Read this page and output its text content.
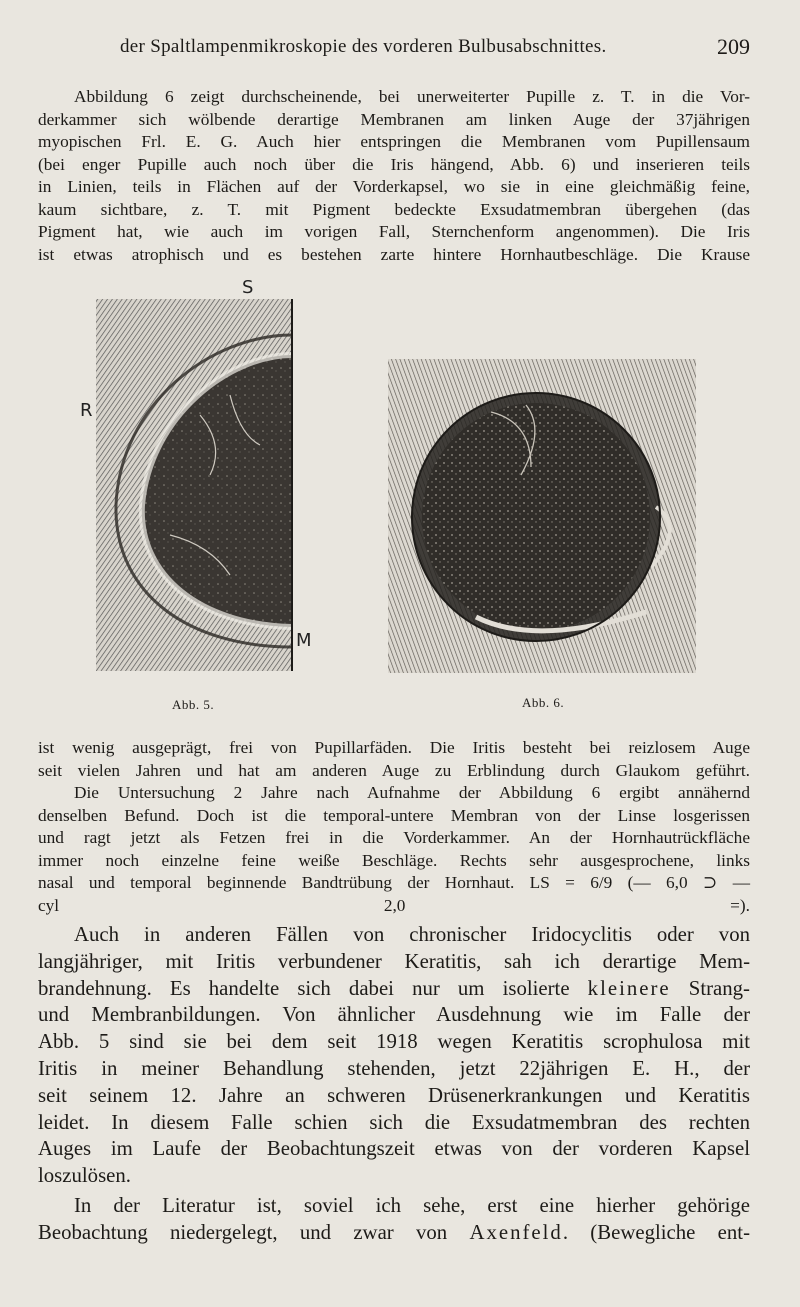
der Spaltlampenmikroskopie des vorderen Bulbusabschnittes.	209
Abbildung 6 zeigt durchscheinende, bei unerweiterter Pupille z. T. in die Vor-
derkammer sich wölbende derartige Membranen am linken Auge der 37jährigen
myopischen Frl. E. G. Auch hier entspringen die Membranen vom Pupillensaum
(bei enger Pupille auch noch über die Iris hängend, Abb. 6) und inserieren teils
in Linien, teils in Flächen auf der Vorderkapsel, wo sie in eine gleichmäßig feine,
kaum sichtbare, z. T. mit Pigment bedeckte Exsudatmembran übergehen (das
Pigment hat, wie auch im vorigen Fall, Sternchenform angenommen). Die Iris
ist etwas atrophisch und es bestehen zarte hintere Hornhautbeschläge. Die Krause
S
R
M
Abb. 5.	Abb. 6.
ist wenig ausgeprägt, frei von Pupillarfäden. Die Iritis besteht bei reizlosem Auge
seit vielen Jahren und hat am anderen Auge zu Erblindung durch Glaukom geführt.
Die Untersuchung 2 Jahre nach Aufnahme der Abbildung 6 ergibt annähernd
denselben Befund. Doch ist die temporal-untere Membran von der Linse losgerissen
und ragt jetzt als Fetzen frei in die Vorderkammer. An der Hornhautrückfläche
immer noch einzelne feine weiße Beschläge. Rechts sehr ausgesprochene, links
nasal und temporal beginnende Bandtrübung der Hornhaut. LS = 6/9 (— 6,0 ⊃ —
cyl 2,0 =).
Auch in anderen Fällen von chronischer Iridocyclitis oder von
langjähriger, mit Iritis verbundener Keratitis, sah ich derartige Mem-
brandehnung. Es handelte sich dabei nur um isolierte kleinere Strang-
und Membranbildungen. Von ähnlicher Ausdehnung wie im Falle der
Abb. 5 sind sie bei dem seit 1918 wegen Keratitis scrophulosa mit
Iritis in meiner Behandlung stehenden, jetzt 22jährigen E. H., der
seit seinem 12. Jahre an schweren Drüsenerkrankungen und Keratitis
leidet. In diesem Falle schien sich die Exsudatmembran des rechten
Auges im Laufe der Beobachtungszeit etwas von der vorderen Kapsel
loszulösen.
In der Literatur ist, soviel ich sehe, erst eine hierher gehörige
Beobachtung niedergelegt, und zwar von Axenfeld. (Bewegliche ent-
